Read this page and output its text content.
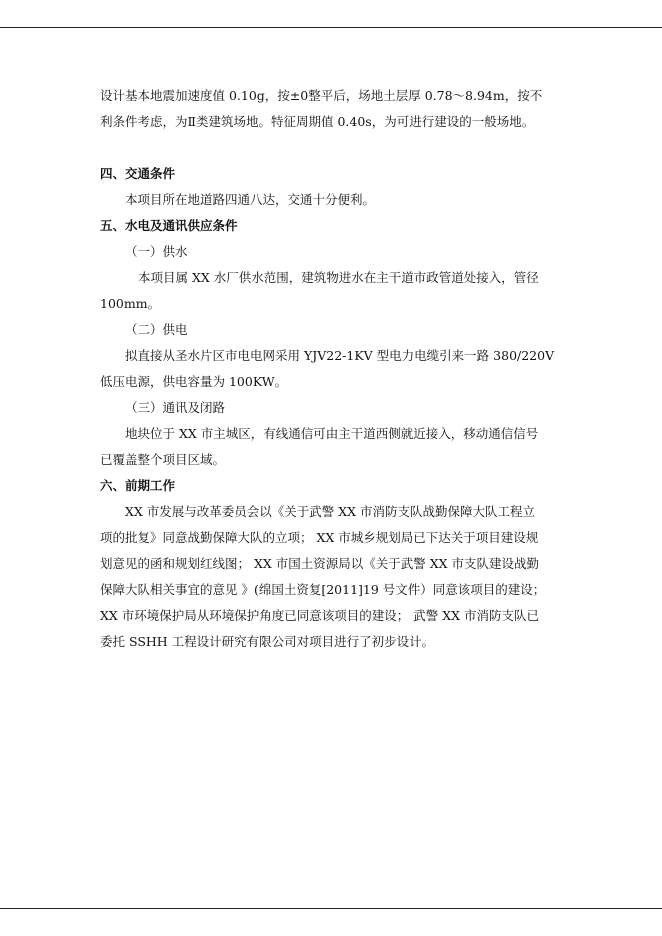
设计基本地震加速度值 0.10g，按±0整平后，场地土层厚 0.78～8.94m，按不

利条件考虑，为Ⅱ类建筑场地。特征周期值 0.40s，为可进行建设的一般场地。

四、交通条件

本项目所在地道路四通八达，交通十分便利。

五、水电及通讯供应条件

（一）供水

本项目属 XX 水厂供水范围，建筑物进水在主干道市政管道处接入，管径

100mm。

（二）供电

拟直接从圣水片区市电电网采用 YJV22-1KV 型电力电缆引来一路 380/220V

低压电源，供电容量为 100KW。

（三）通讯及闭路

地块位于 XX 市主城区，有线通信可由主干道西侧就近接入，移动通信信号

已覆盖整个项目区域。

六、前期工作

XX 市发展与改革委员会以《关于武警 XX 市消防支队战勤保障大队工程立

项的批复》同意战勤保障大队的立项； XX 市城乡规划局已下达关于项目建设规

划意见的函和规划红线图； XX 市国土资源局以《关于武警 XX 市支队建设战勤

保障大队相关事宜的意见 》(绵国土资复[2011]19 号文件）同意该项目的建设；

XX 市环境保护局从环境保护角度已同意该项目的建设； 武警 XX 市消防支队已

委托 SSHH 工程设计研究有限公司对项目进行了初步设计。
